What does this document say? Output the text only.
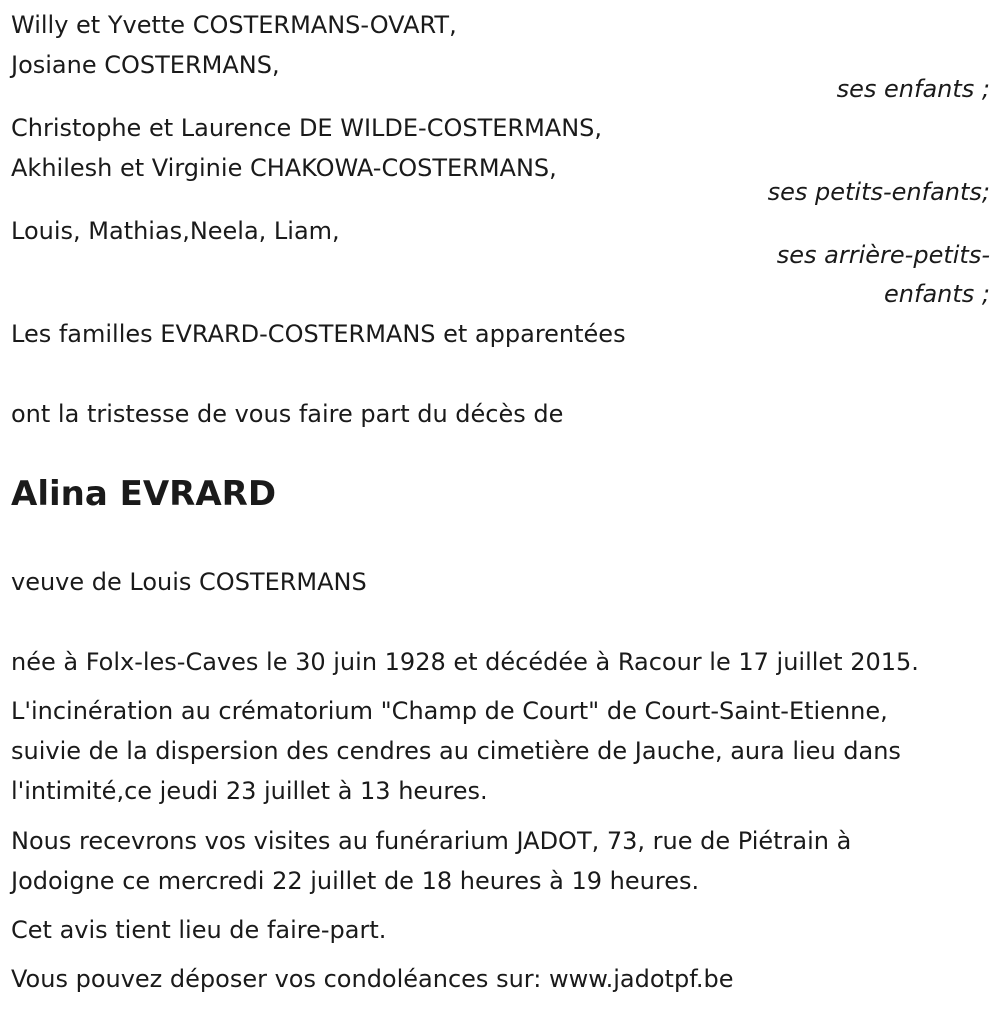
Willy et Yvette COSTERMANS-OVART,

Josiane COSTERMANS,

ses enfants ;

Christophe et Laurence DE WILDE-COSTERMANS,

Akhilesh et Virginie CHAKOWA-COSTERMANS,

ses petits-enfants;

Louis, Mathias,Neela, Liam,

ses arrière-petits-

enfants ;

Les familles EVRARD-COSTERMANS et apparentées

ont la tristesse de vous faire part du décès de

Alina EVRARD

veuve de Louis COSTERMANS

née à Folx-les-Caves le 30 juin 1928 et décédée à Racour le 17 juillet 2015.

L'incinération au crématorium "Champ de Court" de Court-Saint-Etienne,

suivie de la dispersion des cendres au cimetière de Jauche, aura lieu dans

l'intimité,ce jeudi 23 juillet à 13 heures.

Nous recevrons vos visites au funérarium JADOT, 73, rue de Piétrain à

Jodoigne ce mercredi 22 juillet de 18 heures à 19 heures.

Cet avis tient lieu de faire-part.

Vous pouvez déposer vos condoléances sur: www.jadotpf.be
